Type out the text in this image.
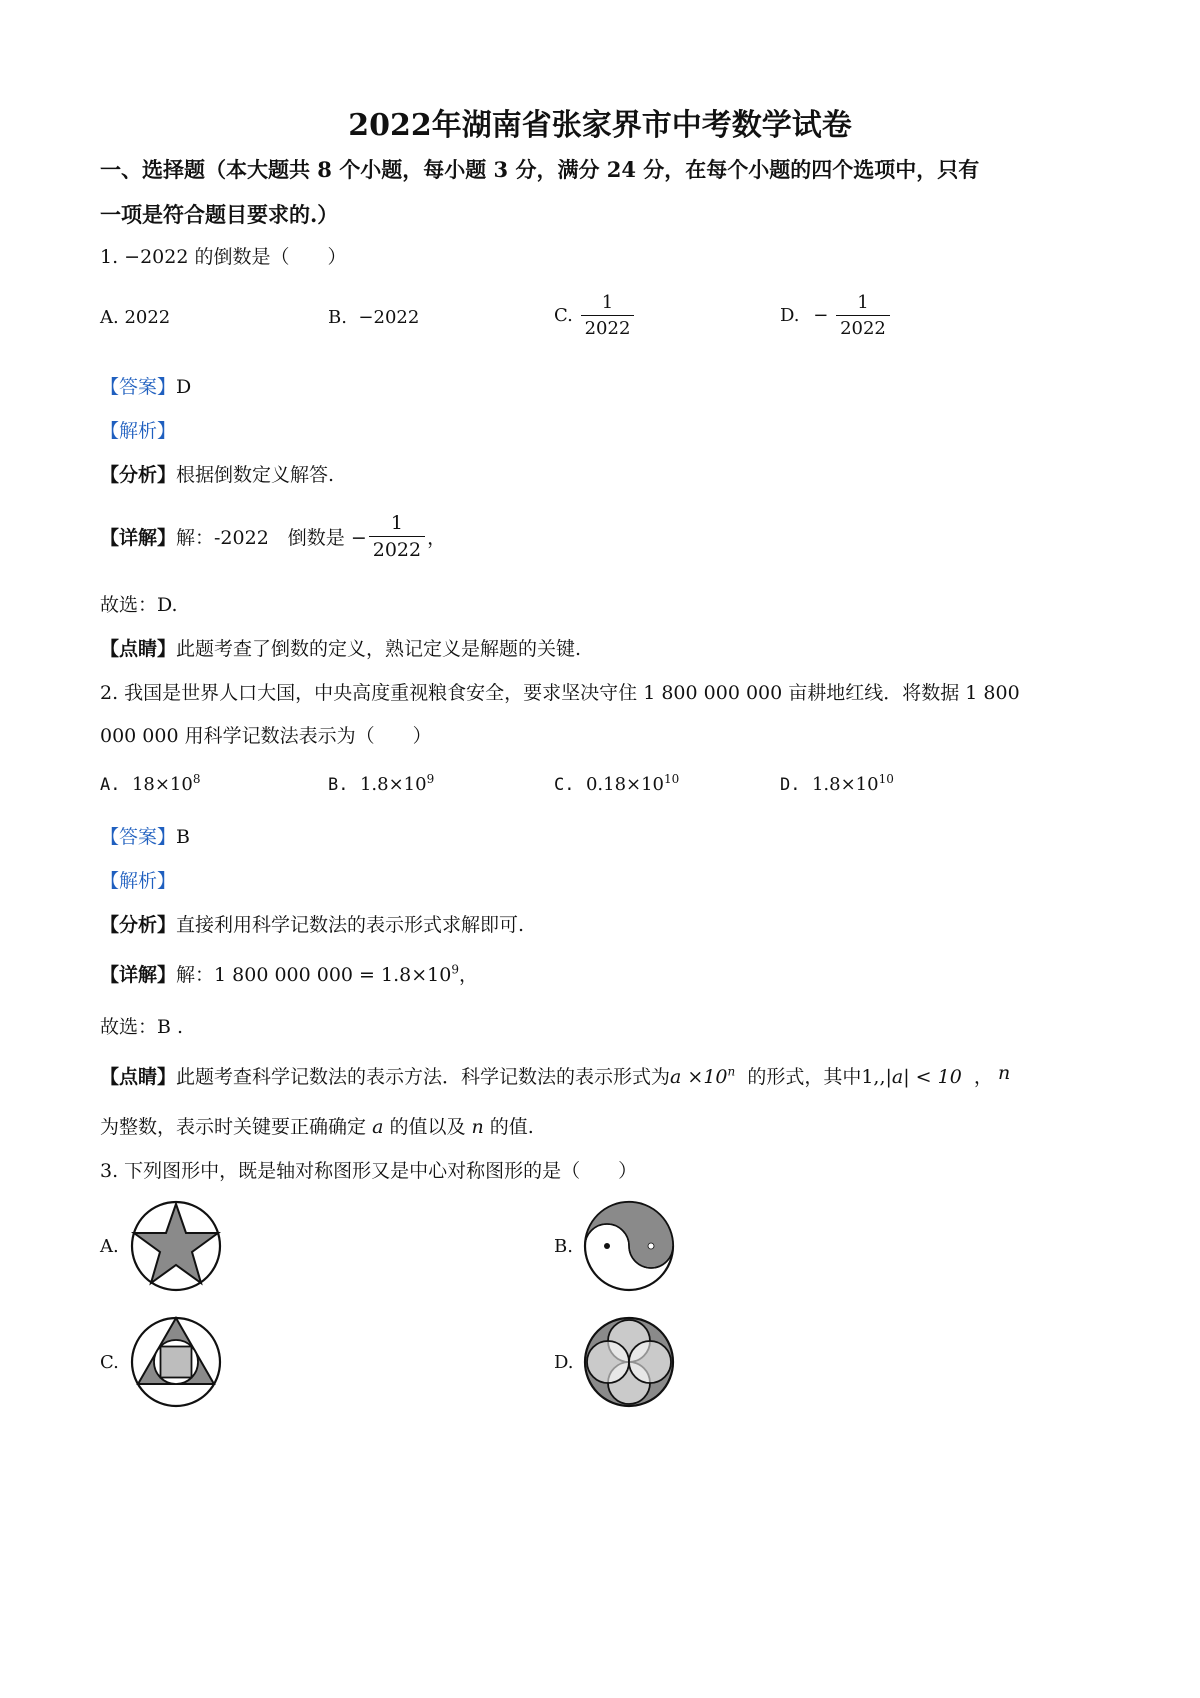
2022年湖南省张家界市中考数学试卷
一、选择题（本大题共 8 个小题，每小题 3 分，满分 24 分，在每个小题的四个选项中，只有
一项是符合题目要求的.）
1. −2022 的倒数是（　　）
A. 2022	B. −2022	C. $\frac{1}{2022}$	D. − $\frac{1}{2022}$
【答案】D
【解析】
【分析】根据倒数定义解答.
【详解】解：-2022　倒数是 − $\frac{1}{2022}$ ，
故选：D.
【点睛】此题考查了倒数的定义，熟记定义是解题的关键.
2. 我国是世界人口大国，中央高度重视粮食安全，要求坚决守住 1 800 000 000 亩耕地红线．将数据 1 800
000 000 用科学记数法表示为（　　）
A. $18\times 10^8$	B. $1.8\times 10^9$	C. $0.18\times 10^{10}$	D. $1.8\times 10^{10}$
【答案】B
【解析】
【分析】直接利用科学记数法的表示形式求解即可.
【详解】解：1 800 000 $000 = 1.8\times 10^9$，
故选：B .
【点睛】此题考查科学记数法的表示方法．科学记数法的表示形式为$a \times 10^n$ 的形式，其中1,,|a| < 10 ， n
为整数，表示时关键要正确确定 a 的值以及 n 的值.
3. 下列图形中，既是轴对称图形又是中心对称图形的是（　　）
A.	B.
C.	D.
